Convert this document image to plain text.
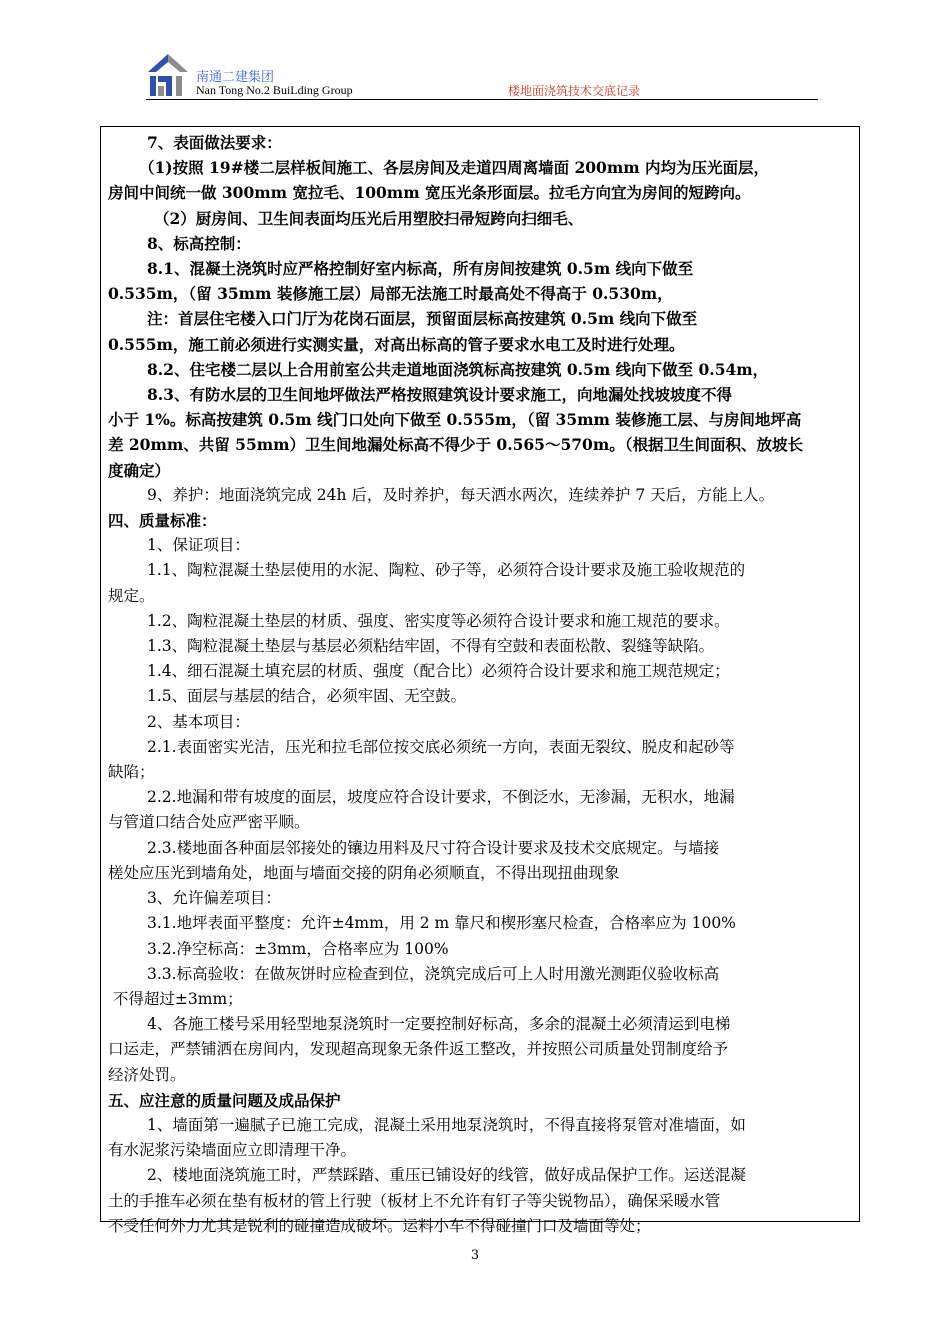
南通二建集团
Nan Tong No.2 BuiLding Group	楼地面浇筑技术交底记录
7、表面做法要求：
（1)按照 19#楼二层样板间施工、各层房间及走道四周离墙面 200mm 内均为压光面层，
房间中间统一做 300mm 宽拉毛、100mm 宽压光条形面层。拉毛方向宜为房间的短跨向。
（2）厨房间、卫生间表面均压光后用塑胶扫帚短跨向扫细毛、
8、标高控制：
8.1、混凝土浇筑时应严格控制好室内标高，所有房间按建筑 0.5m 线向下做至
0.535m，（留 35mm 装修施工层）局部无法施工时最高处不得高于 0.530m，
注：首层住宅楼入口门厅为花岗石面层，预留面层标高按建筑 0.5m 线向下做至
0.555m，施工前必须进行实测实量，对高出标高的管子要求水电工及时进行处理。
8.2、住宅楼二层以上合用前室公共走道地面浇筑标高按建筑 0.5m 线向下做至 0.54m，
8.3、有防水层的卫生间地坪做法严格按照建筑设计要求施工，向地漏处找坡坡度不得
小于 1%。标高按建筑 0.5m 线门口处向下做至 0.555m，（留 35mm 装修施工层、与房间地坪高
差 20mm、共留 55mm）卫生间地漏处标高不得少于 0.565～570m。（根据卫生间面积、放坡长
度确定）
9、养护：地面浇筑完成 24h 后，及时养护，每天洒水两次，连续养护 7 天后，方能上人。
四、质量标准：
1、保证项目：
1.1、陶粒混凝土垫层使用的水泥、陶粒、砂子等，必须符合设计要求及施工验收规范的
规定。
1.2、陶粒混凝土垫层的材质、强度、密实度等必须符合设计要求和施工规范的要求。
1.3、陶粒混凝土垫层与基层必须粘结牢固，不得有空鼓和表面松散、裂缝等缺陷。
1.4、细石混凝土填充层的材质、强度（配合比）必须符合设计要求和施工规范规定；
1.5、面层与基层的结合，必须牢固、无空鼓。
2、基本项目：
2.1.表面密实光洁，压光和拉毛部位按交底必须统一方向，表面无裂纹、脱皮和起砂等
缺陷；
2.2.地漏和带有坡度的面层，坡度应符合设计要求，不倒泛水，无渗漏，无积水，地漏
与管道口结合处应严密平顺。
2.3.楼地面各种面层邻接处的镶边用料及尺寸符合设计要求及技术交底规定。与墙接
槎处应压光到墙角处，地面与墙面交接的阴角必须顺直，不得出现扭曲现象
3、允许偏差项目：
3.1.地坪表面平整度：允许±4mm，用 2 m 靠尺和楔形塞尺检查，合格率应为 100%
3.2.净空标高：±3mm，合格率应为 100%
3.3.标高验收：在做灰饼时应检查到位，浇筑完成后可上人时用激光测距仪验收标高
不得超过±3mm；
4、各施工楼号采用轻型地泵浇筑时一定要控制好标高，多余的混凝土必须清运到电梯
口运走，严禁铺洒在房间内，发现超高现象无条件返工整改，并按照公司质量处罚制度给予
经济处罚。
五、应注意的质量问题及成品保护
1、墙面第一遍腻子已施工完成，混凝土采用地泵浇筑时，不得直接将泵管对准墙面，如
有水泥浆污染墙面应立即清理干净。
2、楼地面浇筑施工时，严禁踩踏、重压已铺设好的线管，做好成品保护工作。运送混凝
土的手推车必须在垫有板材的管上行驶（板材上不允许有钉子等尖锐物品），确保采暖水管
不受任何外力尤其是锐利的碰撞造成破坏。运料小车不得碰撞门口及墙面等处；
3
